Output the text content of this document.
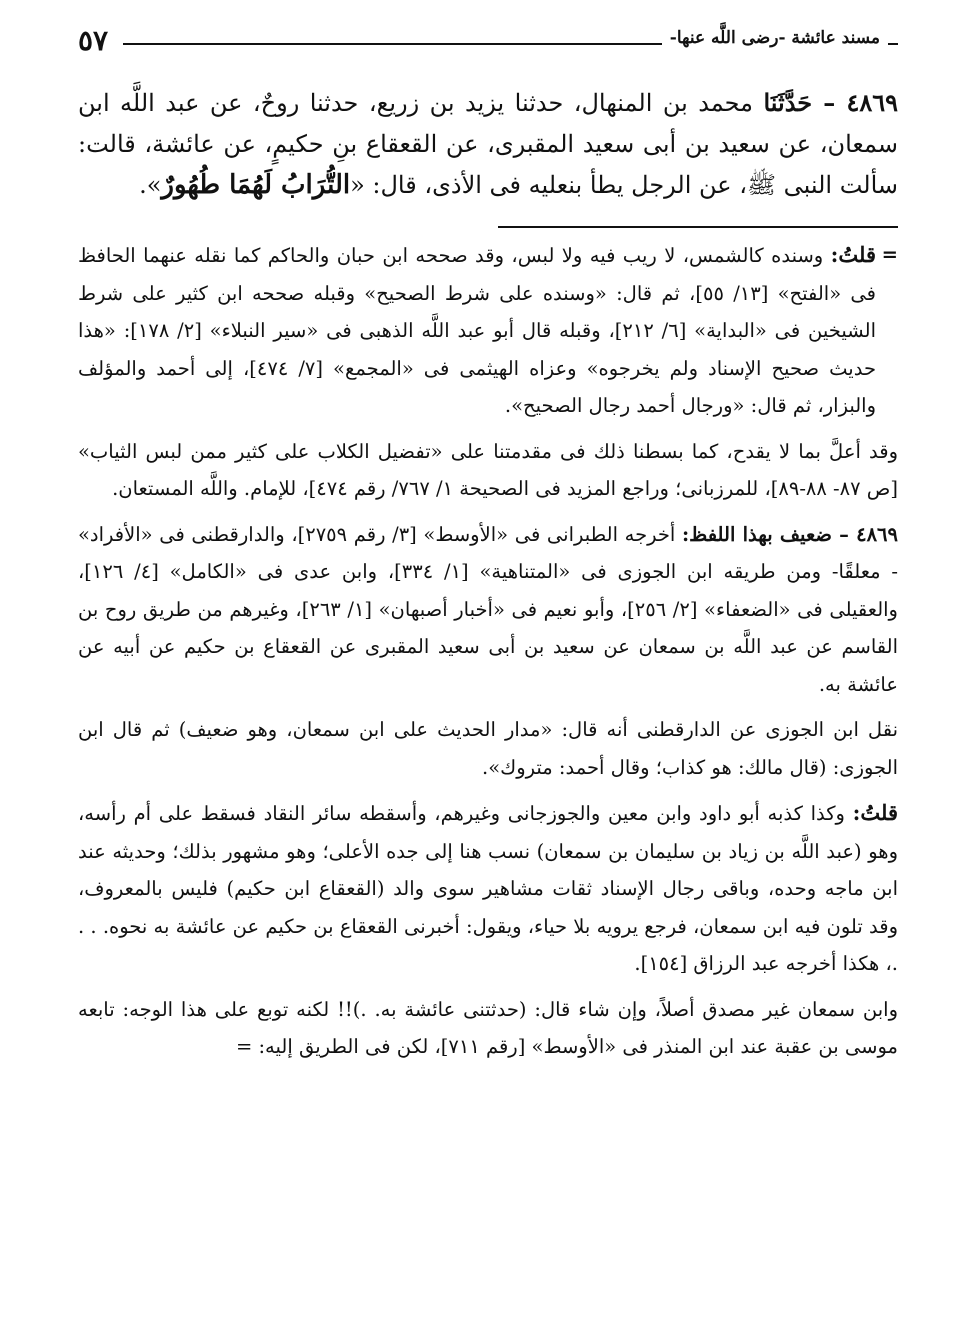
مسند عائشة -رضى اللَّه عنها-
٥٧
٤٨٦٩ – حَدَّثَنَا محمد بن المنهال، حدثنا يزيد بن زريع، حدثنا روحٌ، عن عبد اللَّه ابن سمعان، عن سعيد بن أبى سعيد المقبرى، عن القعقاع بنِ حكيمٍ، عن عائشة، قالت: سألت النبى ﷺ، عن الرجل يطأ بنعليه فى الأذى، قال: «التُّرَابُ لَهُمَا طُهُورٌ».

=
قلتُ: وسنده كالشمس، لا ريب فيه ولا لبس، وقد صححه ابن حبان والحاكم كما نقله عنهما الحافظ فى «الفتح» [١٣/ ٥٥]، ثم قال: «وسنده على شرط الصحيح» وقبله صححه ابن كثير على شرط الشيخين فى «البداية» [٦/ ٢١٢]، وقبله قال أبو عبد اللَّه الذهبى فى «سير النبلاء» [٢/ ١٧٨]: «هذا حديث صحيح الإسناد ولم يخرجوه» وعزاه الهيثمى فى «المجمع» [٧/ ٤٧٤]، إلى أحمد والمؤلف والبزار، ثم قال: «ورجال أحمد رجال الصحيح».

وقد أعلَّ بما لا يقدح، كما بسطنا ذلك فى مقدمتنا على «تفضيل الكلاب على كثير ممن لبس الثياب» [ص ٨٧- ٨٨-٨٩]، للمرزبانى؛ وراجع المزيد فى الصحيحة ١/ ٧٦٧/ رقم ٤٧٤]، للإمام. واللَّه المستعان.

٤٨٦٩ – ضعيف بهذا اللفظ: أخرجه الطبرانى فى «الأوسط» [٣/ رقم ٢٧٥٩]، والدارقطنى فى «الأفراد» - معلقًا- ومن طريقه ابن الجوزى فى «المتناهية» [١/ ٣٣٤]، وابن عدى فى «الكامل» [٤/ ١٢٦]، والعقيلى فى «الضعفاء» [٢/ ٢٥٦]، وأبو نعيم فى «أخبار أصبهان» [١/ ٢٦٣]، وغيرهم من طريق روح بن القاسم عن عبد اللَّه بن سمعان عن سعيد بن أبى سعيد المقبرى عن القعقاع بن حكيم عن أبيه عن عائشة به.

نقل ابن الجوزى عن الدارقطنى أنه قال: «مدار الحديث على ابن سمعان، وهو ضعيف) ثم قال ابن الجوزى: (قال مالك: هو كذاب؛ وقال أحمد: متروك».

قلتُ: وكذا كذبه أبو داود وابن معين والجوزجانى وغيرهم، وأسقطه سائر النقاد فسقط على أم رأسه، وهو (عبد اللَّه بن زياد بن سليمان بن سمعان) نسب هنا إلى جده الأعلى؛ وهو مشهور بذلك؛ وحديثه عند ابن ماجه وحده، وباقى رجال الإسناد ثقات مشاهير سوى والد (القعقاع ابن حكيم) فليس بالمعروف، وقد تلون فيه ابن سمعان، فرجع يرويه بلا حياء، ويقول: أخبرنى القعقاع بن حكيم عن عائشة به نحوه. . . .، هكذا أخرجه عبد الرزاق [١٥٤].

وابن سمعان غير مصدق أصلاً، وإن شاء قال: (حدثتنى عائشة به. .)!! لكنه توبع على هذا الوجه: تابعه موسى بن عقبة عند ابن المنذر فى «الأوسط» [رقم ٧١١]، لكن فى الطريق إليه: =
